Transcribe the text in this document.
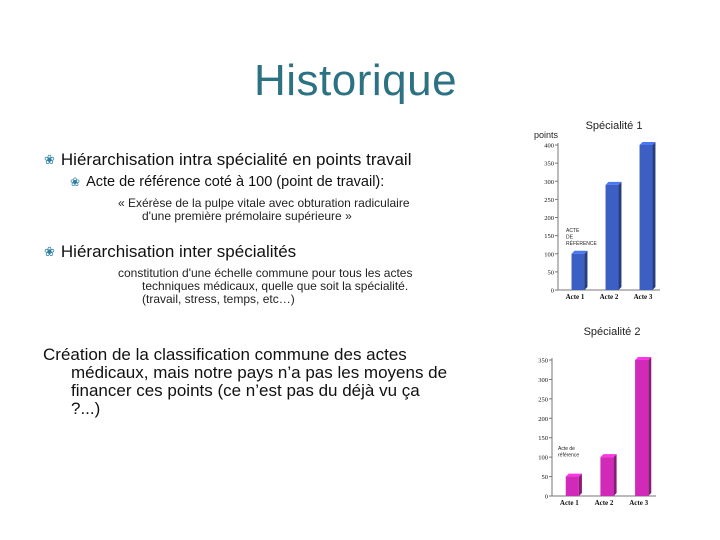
Historique
❀ Hiérarchisation intra spécialité en points travail
❀ Acte de référence coté à 100 (point de travail):
« Exérèse de la pulpe vitale avec obturation radiculaire
d'une première prémolaire supérieure »
❀ Hiérarchisation inter spécialités
constitution d'une échelle commune pour tous les actes
techniques médicaux, quelle que soit la spécialité.
(travail, stress, temps, etc…)
Création de la classification commune des actes
médicaux, mais notre pays n’a pas les moyens de
financer ces points (ce n’est pas du déjà vu ça
?...)
Spécialité 1
points
0
50
100
150
200
250
300
350
400
Acte 1 Acte 2 Acte 3
ACTE
DE
RÉFÉRENCE
Spécialité 2
0
50
100
150
200
250
300
350
Acte 1 Acte 2 Acte 3
Acte de
référence
